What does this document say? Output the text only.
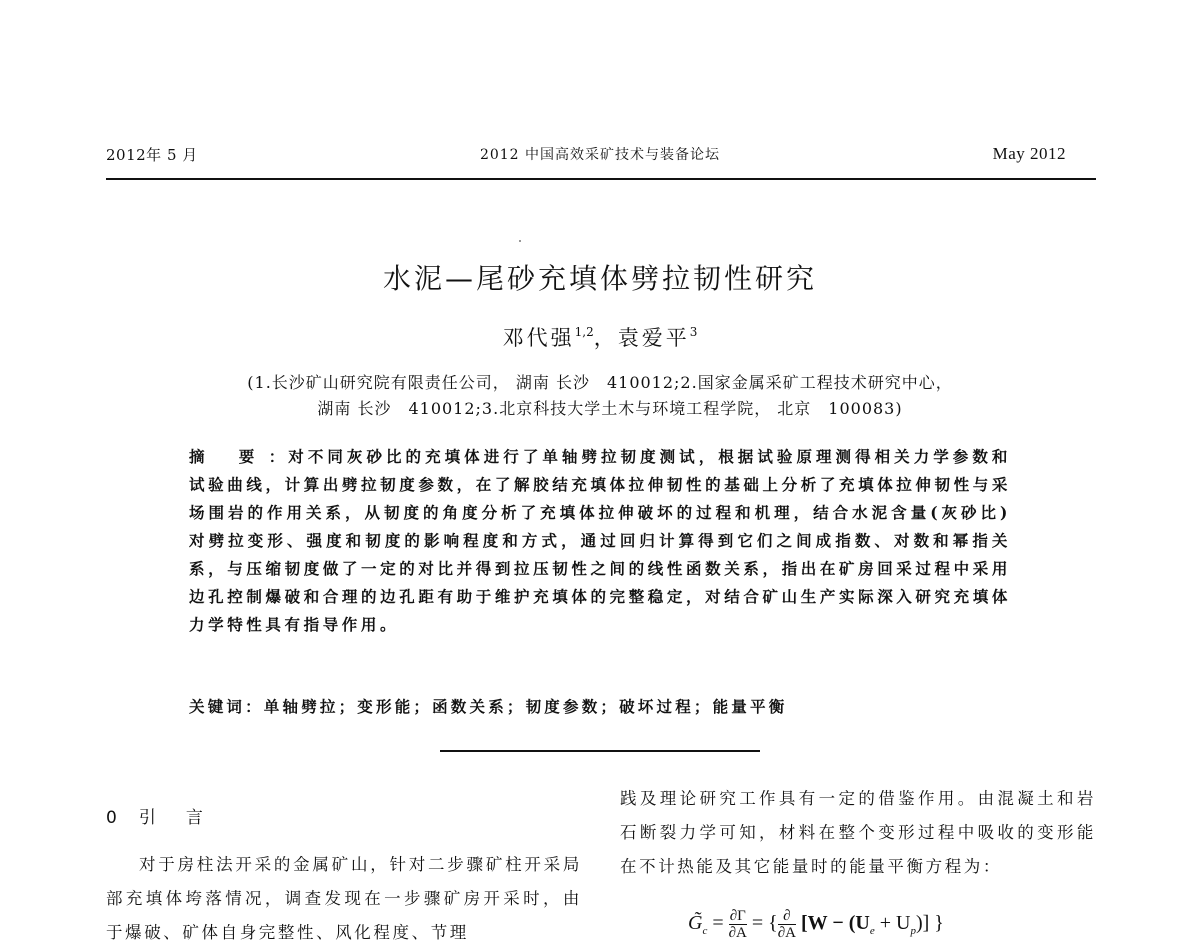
2012年 5 月	2012 中国高效采矿技术与装备论坛	May 2012
水泥—尾砂充填体劈拉韧性研究
邓代强$^{1,2}$，袁爱平$^3$
(1.长沙矿山研究院有限责任公司， 湖南 长沙　410012;2.国家金属采矿工程技术研究中心，
湖南 长沙　410012;3.北京科技大学土木与环境工程学院， 北京　100083)
摘 要：对不同灰砂比的充填体进行了单轴劈拉韧度测试，根据试验原理测得相关力学参数和试验曲线，计算出劈拉韧度参数，在了解胶结充填体拉伸韧性的基础上分析了充填体拉伸韧性与采场围岩的作用关系，从韧度的角度分析了充填体拉伸破坏的过程和机理，结合水泥含量(灰砂比)对劈拉变形、强度和韧度的影响程度和方式，通过回归计算得到它们之间成指数、对数和幂指关系，与压缩韧度做了一定的对比并得到拉压韧性之间的线性函数关系，指出在矿房回采过程中采用边孔控制爆破和合理的边孔距有助于维护充填体的完整稳定，对结合矿山生产实际深入研究充填体力学特性具有指导作用。
关键词：单轴劈拉；变形能；函数关系；韧度参数；破坏过程；能量平衡
0 引 言

对于房柱法开采的金属矿山，针对二步骤矿柱开采局部充填体垮落情况，调查发现在一步骤矿房开采时，由于爆破、矿体自身完整性、风化程度、节理

践及理论研究工作具有一定的借鉴作用。由混凝土和岩石断裂力学可知，材料在整个变形过程中吸收的变形能在不计热能及其它能量时的能量平衡方程为：
$G̃_c = \frac{\partial\Gamma}{\partial A}$ = { $\frac{\partial}{\partial A} [W - (U_e + U_p)]$ }
